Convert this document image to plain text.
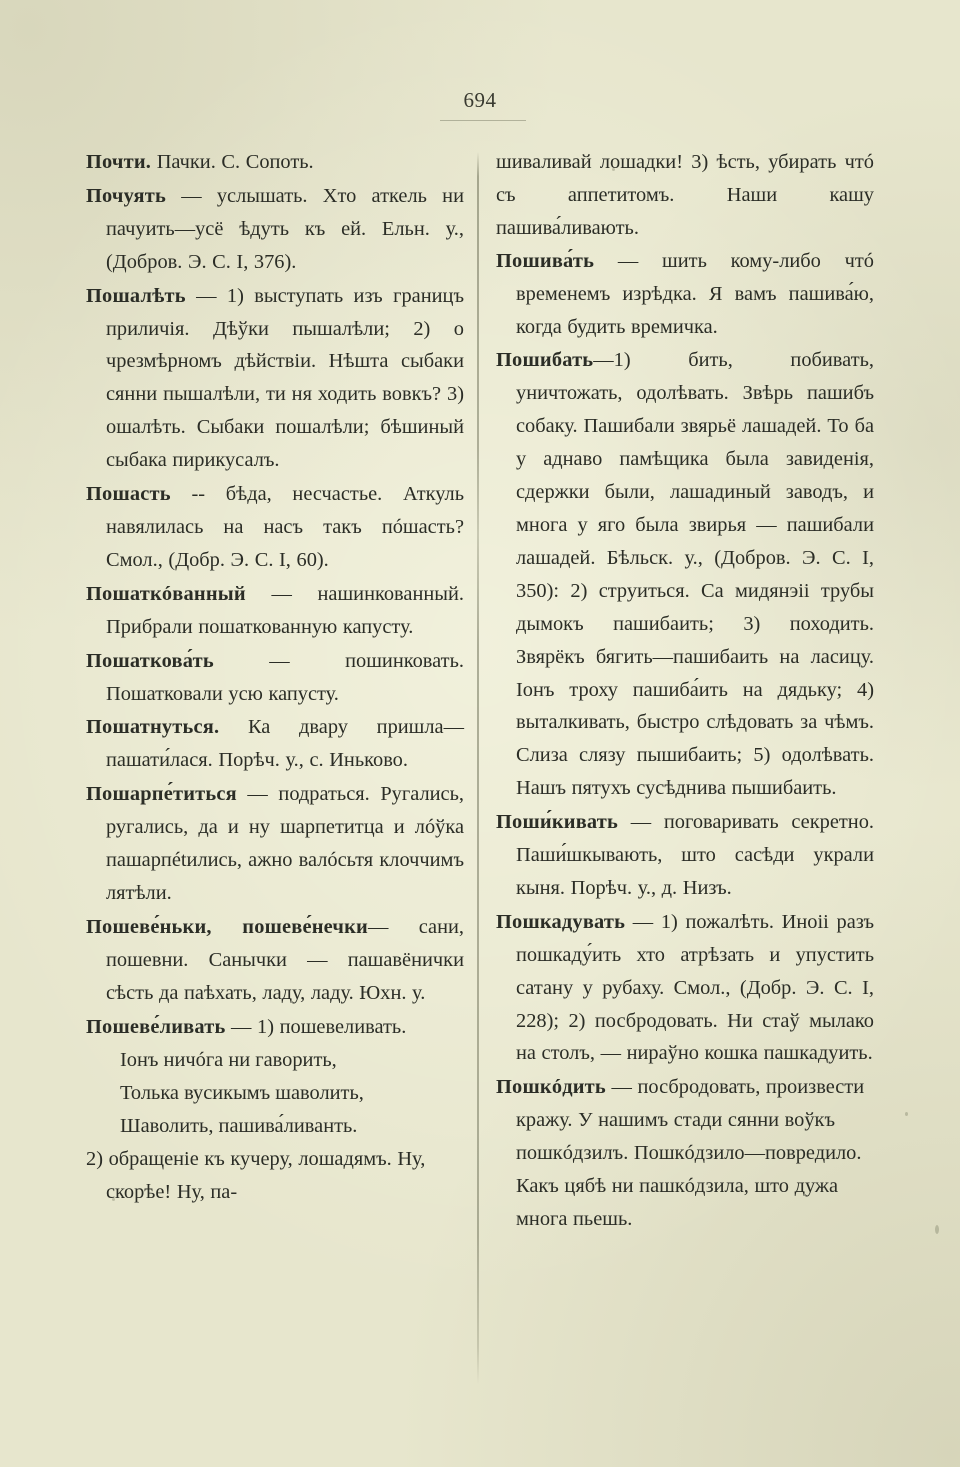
694

Почти. Пачки. С. Сопоть.

Почуять — услышать. Хто аткель ни пачуить—усё ѣдуть къ ей. Ельн. у., (Добров. Э. С. I, 376).

Пошалѣть — 1) выступать изъ границъ приличія. Дѣўки пышалѣли; 2) о чрезмѣрномъ дѣйствіи. Нѣшта сыбаки сянни пышалѣли, ти ня ходить вовкъ? 3) ошалѣть. Сыбаки пошалѣли; бѣшиный сыбака пирикусалъ.

Пошасть -- бѣда, несчастье. Аткуль навялилась на насъ такъ пóшасть? Смол., (Добр. Э. С. I, 60).

Пошаткóванный — нашинкованный. Прибрали пошаткованную капусту.

Пошаткова́ть — пошинковать. Пошатковали усю капусту.

Пошатнуться. Ка двару пришла—пашати́лася. Порѣч. у., с. Иньково.

Пошарпе́титься — подраться. Ругались, ругались, да и ну шарпетитца и лóўка пашарпétились, ажно валóсьтя клоччимъ лятѣли.

Пошеве́ньки, пошеве́нечки— сани, пошевни. Санычки — пашавёнички сѣсть да паѣхать, ладу, ладу. Юхн. у.

Пошеве́ливать — 1) пошевеливать.

Іонъ ничóга ни гаворить,

Толька вусикымъ шаволить,

Шаволить, пашива́ливанть.

2) обращеніе къ кучеру, лошадямъ. Ну, скорѣе! Ну, па-

шиваливай лошадки! 3) ѣсть, убирать чтó съ аппетитомъ. Наши кашу пашива́ливають.

Пошива́ть — шить кому-либо чтó временемъ изрѣдка. Я вамъ пашива́ю, когда будить времичка.

Пошибать—1) бить, побивать, уничтожать, одолѣвать. Звѣрь пашибъ собаку. Пашибали звярьё лашадей. То ба у аднаво памѣщика была завиденія, сдержки были, лашадиный заводъ, и многа у яго была звирья — пашибали лашадей. Бѣльск. у., (Добров. Э. С. I, 350): 2) струиться. Са мидянэіі трубы дымокъ пашибаить; 3) походить. Звярёкъ бягить—пашибаить на ласицу. Іонъ троху пашиба́ить на дядьку; 4) выталкивать, быстро слѣдовать за чѣмъ. Слиза слязу пышибаить; 5) одолѣвать. Нашъ пятухъ сусѣднива пышибаить.

Поши́кивать — поговаривать секретно. Паши́шкывають, што сасѣди украли кыня. Порѣч. у., д. Низъ.

Пошкадувать — 1) пожалѣть. Иноіі разъ пошкаду́ить хто атрѣзать и упустить сатану у рубаху. Смол., (Добр. Э. С. I, 228); 2) посбродовать. Ни стаў мылако на столъ, — нираўно кошка пашкадуить.

Пошкóдить — посбродовать, произвести кражу. У нашимъ стади сянни воўкъ пошкóдзилъ. Пошкóдзило—повредило. Какъ цябѣ ни пашкóдзила, што дужа многа пьешь.
